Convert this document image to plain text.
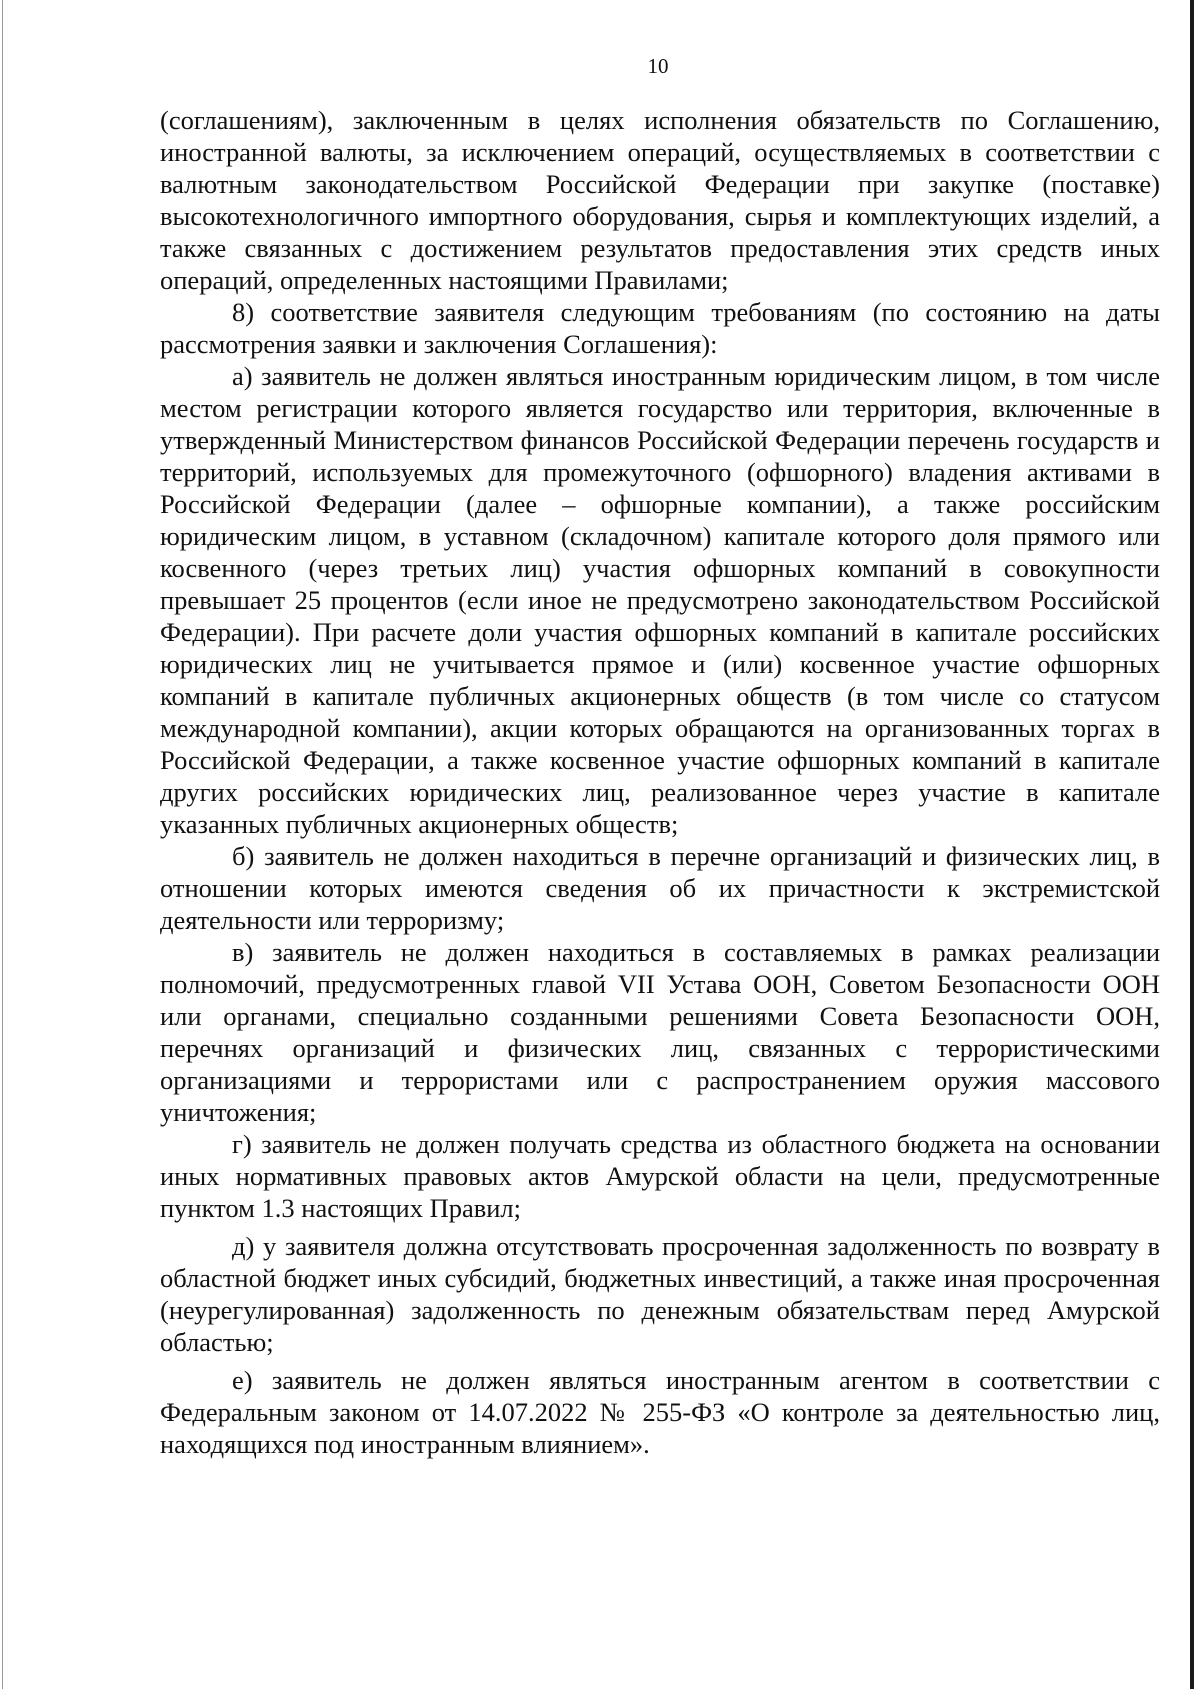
10

(соглашениям), заключенным в целях исполнения обязательств по Соглашению, иностранной валюты, за исключением операций, осуществляемых в соответствии с валютным законодательством Российской Федерации при закупке (поставке) высокотехнологичного импортного оборудования, сырья и комплектующих изделий, а также связанных с достижением результатов предоставления этих средств иных операций, определенных настоящими Правилами;

8) соответствие заявителя следующим требованиям (по состоянию на даты рассмотрения заявки и заключения Соглашения):

а) заявитель не должен являться иностранным юридическим лицом, в том числе местом регистрации которого является государство или территория, включенные в утвержденный Министерством финансов Российской Федерации перечень государств и территорий, используемых для промежуточного (офшорного) владения активами в Российской Федерации (далее – офшорные компании), а также российским юридическим лицом, в уставном (складочном) капитале которого доля прямого или косвенного (через третьих лиц) участия офшорных компаний в совокупности превышает 25 процентов (если иное не предусмотрено законодательством Российской Федерации). При расчете доли участия офшорных компаний в капитале российских юридических лиц не учитывается прямое и (или) косвенное участие офшорных компаний в капитале публичных акционерных обществ (в том числе со статусом международной компании), акции которых обращаются на организованных торгах в Российской Федерации, а также косвенное участие офшорных компаний в капитале других российских юридических лиц, реализованное через участие в капитале указанных публичных акционерных обществ;

б) заявитель не должен находиться в перечне организаций и физических лиц, в отношении которых имеются сведения об их причастности к экстремистской деятельности или терроризму;

в) заявитель не должен находиться в составляемых в рамках реализации полномочий, предусмотренных главой VII Устава ООН, Советом Безопасности ООН или органами, специально созданными решениями Совета Безопасности ООН, перечнях организаций и физических лиц, связанных с террористическими организациями и террористами или с распространением оружия массового уничтожения;

г) заявитель не должен получать средства из областного бюджета на основании иных нормативных правовых актов Амурской области на цели, предусмотренные пунктом 1.3 настоящих Правил;

д) у заявителя должна отсутствовать просроченная задолженность по возврату в областной бюджет иных субсидий, бюджетных инвестиций, а также иная просроченная (неурегулированная) задолженность по денежным обязательствам перед Амурской областью;

е) заявитель не должен являться иностранным агентом в соответствии с Федеральным законом от 14.07.2022 № 255-ФЗ «О контроле за деятельностью лиц, находящихся под иностранным влиянием».
